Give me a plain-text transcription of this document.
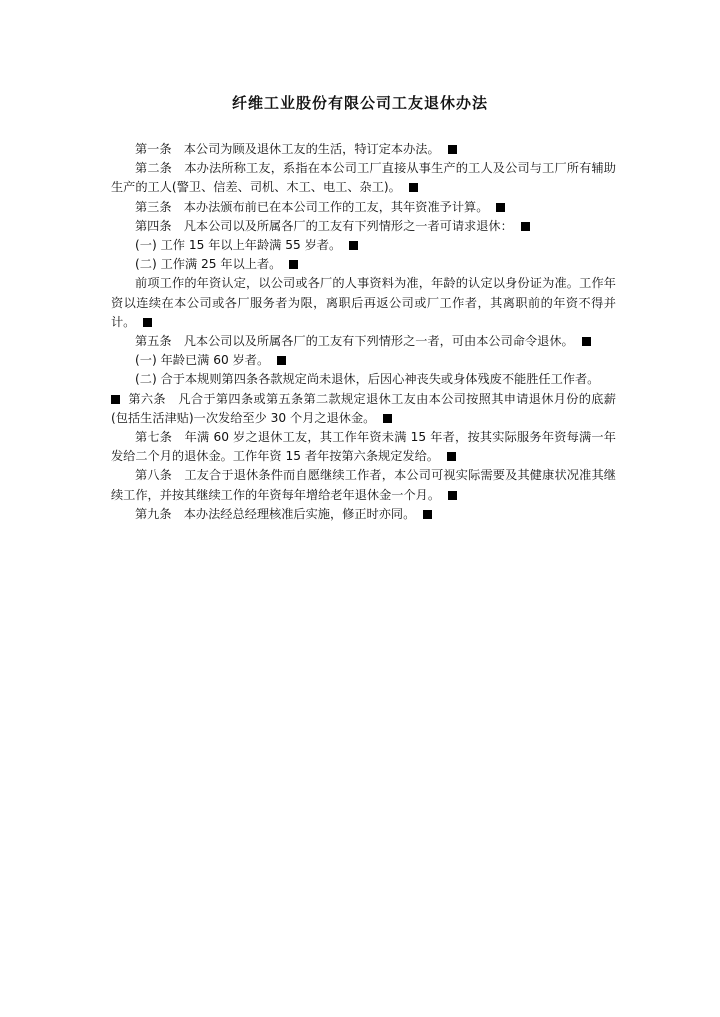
纤维工业股份有限公司工友退休办法

第一条　本公司为顾及退休工友的生活，特订定本办法。

第二条　本办法所称工友，系指在本公司工厂直接从事生产的工人及公司与工厂所有辅助生产的工人(警卫、信差、司机、木工、电工、杂工)。

第三条　本办法颁布前已在本公司工作的工友，其年资准予计算。

第四条　凡本公司以及所属各厂的工友有下列情形之一者可请求退休：

(一) 工作 15 年以上年龄满 55 岁者。

(二) 工作满 25 年以上者。

前项工作的年资认定，以公司或各厂的人事资料为准，年龄的认定以身份证为准。工作年资以连续在本公司或各厂服务者为限，离职后再返公司或厂工作者，其离职前的年资不得并计。

第五条　凡本公司以及所属各厂的工友有下列情形之一者，可由本公司命令退休。

(一) 年龄已满 60 岁者。

(二) 合于本规则第四条各款规定尚未退休，后因心神丧失或身体残废不能胜任工作者。

第六条　凡合于第四条或第五条第二款规定退休工友由本公司按照其申请退休月份的底薪(包括生活津贴)一次发给至少 30 个月之退休金。

第七条　年满 60 岁之退休工友，其工作年资未满 15 年者，按其实际服务年资每满一年发给二个月的退休金。工作年资 15 者年按第六条规定发给。

第八条　工友合于退休条件而自愿继续工作者，本公司可视实际需要及其健康状况准其继续工作，并按其继续工作的年资每年增给老年退休金一个月。

第九条　本办法经总经理核准后实施，修正时亦同。
